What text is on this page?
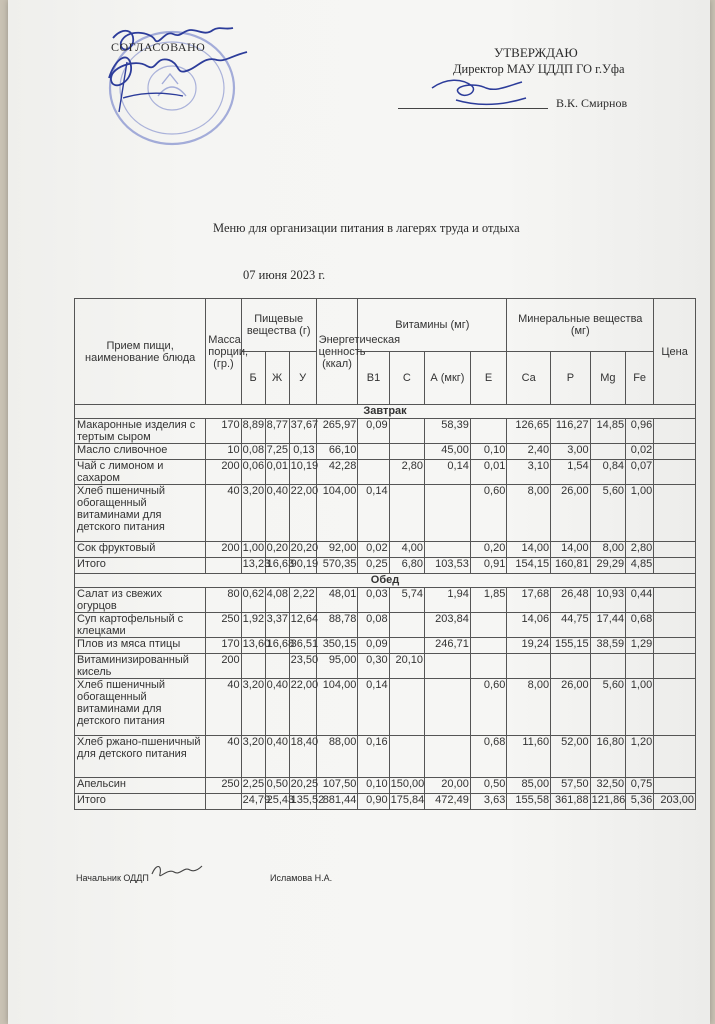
СОГЛАСОВАНО	УТВЕРЖДАЮ
Директор МАУ ЦДДП ГО г.Уфа
В.К. Смирнов
Меню для организации питания в лагерях труда и отдыха
07 июня 2023 г.
Прием пищи, наименование блюда	Масса порции, (гр.)	Пищевые вещества (г)			Энергетическая ценность (ккал)	Витамины (мг)				Минеральные вещества (мг)				Цена
		Б	Ж	У		В1	С	А (мкг)	Е	Са	Р	Mg	Fe	
Завтрак														
Макаронные изделия с тертым сыром	170	8,89	8,77	37,67	265,97	0,09		58,39		126,65	116,27	14,85	0,96	
Масло сливочное	10	0,08	7,25	0,13	66,10			45,00	0,10	2,40	3,00		0,02	
Чай с лимоном и сахаром	200	0,06	0,01	10,19	42,28		2,80	0,14	0,01	3,10	1,54	0,84	0,07	
Хлеб пшеничный обогащенный витаминами для детского питания	40	3,20	0,40	22,00	104,00	0,14			0,60	8,00	26,00	5,60	1,00	
Сок фруктовый	200	1,00	0,20	20,20	92,00	0,02	4,00		0,20	14,00	14,00	8,00	2,80	
Итого		13,23	16,63	90,19	570,35	0,25	6,80	103,53	0,91	154,15	160,81	29,29	4,85	
Обед														
Салат из свежих огурцов	80	0,62	4,08	2,22	48,01	0,03	5,74	1,94	1,85	17,68	26,48	10,93	0,44	
Суп картофельный с клецками	250	1,92	3,37	12,64	88,78	0,08		203,84		14,06	44,75	17,44	0,68	
Плов из мяса птицы	170	13,60	16,68	36,51	350,15	0,09		246,71		19,24	155,15	38,59	1,29	
Витаминизированный кисель	200			23,50	95,00	0,30	20,10							
Хлеб пшеничный обогащенный витаминами для детского питания	40	3,20	0,40	22,00	104,00	0,14			0,60	8,00	26,00	5,60	1,00	
Хлеб ржано-пшеничный для детского питания	40	3,20	0,40	18,40	88,00	0,16			0,68	11,60	52,00	16,80	1,20	
Апельсин	250	2,25	0,50	20,25	107,50	0,10	150,00	20,00	0,50	85,00	57,50	32,50	0,75	
Итого		24,79	25,43	135,52	881,44	0,90	175,84	472,49	3,63	155,58	361,88	121,86	5,36	203,00
Начальник ОДДП	Исламова Н.А.
